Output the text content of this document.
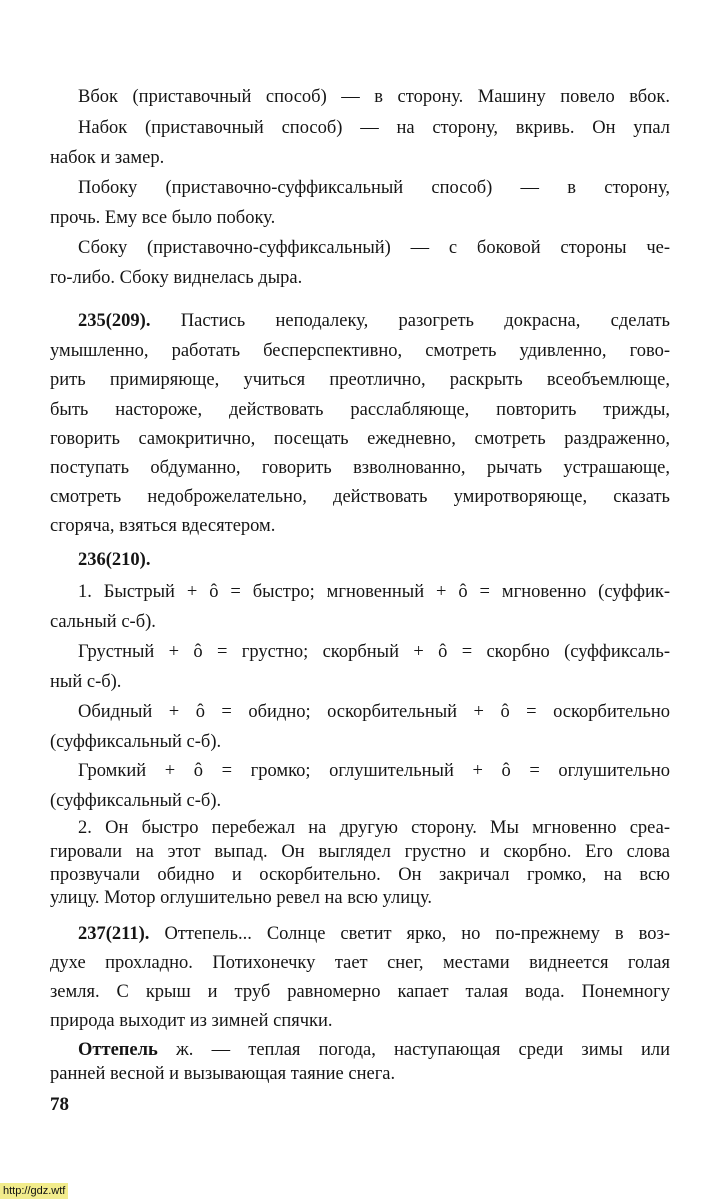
Вбок (приставочный способ) — в сторону. Машину повело вбок.
Набок (приставочный способ) — на сторону, вкривь. Он упал
набок и замер.
Побоку (приставочно-суффиксальный способ) — в сторону,
прочь. Ему все было побоку.
Сбоку (приставочно-суффиксальный) — с боковой стороны че-
го-либо. Сбоку виднелась дыра.
235(209). Пастись неподалеку, разогреть докрасна, сделать
умышленно, работать бесперспективно, смотреть удивленно, гово-
рить примиряюще, учиться преотлично, раскрыть всеобъемлюще,
быть настороже, действовать расслабляюще, повторить трижды,
говорить самокритично, посещать ежедневно, смотреть раздраженно,
поступать обдуманно, говорить взволнованно, рычать устрашающе,
смотреть недоброжелательно, действовать умиротворяюще, сказать
сгоряча, взяться вдесятером.
236(210).
1. Быстрый + ô = быстро; мгновенный + ô = мгновенно (суффик-
сальный с-б).
Грустный + ô = грустно; скорбный + ô = скорбно (суффиксаль-
ный с-б).
Обидный + ô = обидно; оскорбительный + ô = оскорбительно
(суффиксальный с-б).
Громкий + ô = громко; оглушительный + ô = оглушительно
(суффиксальный с-б).
2. Он быстро перебежал на другую сторону. Мы мгновенно среа-
гировали на этот выпад. Он выглядел грустно и скорбно. Его слова
прозвучали обидно и оскорбительно. Он закричал громко, на всю
улицу. Мотор оглушительно ревел на всю улицу.
237(211). Оттепель... Солнце светит ярко, но по-прежнему в воз-
духе прохладно. Потихонечку тает снег, местами виднеется голая
земля. С крыш и труб равномерно капает талая вода. Понемногу
природа выходит из зимней спячки.
Оттепель ж. — теплая погода, наступающая среди зимы или
ранней весной и вызывающая таяние снега.
78
http://gdz.wtf
